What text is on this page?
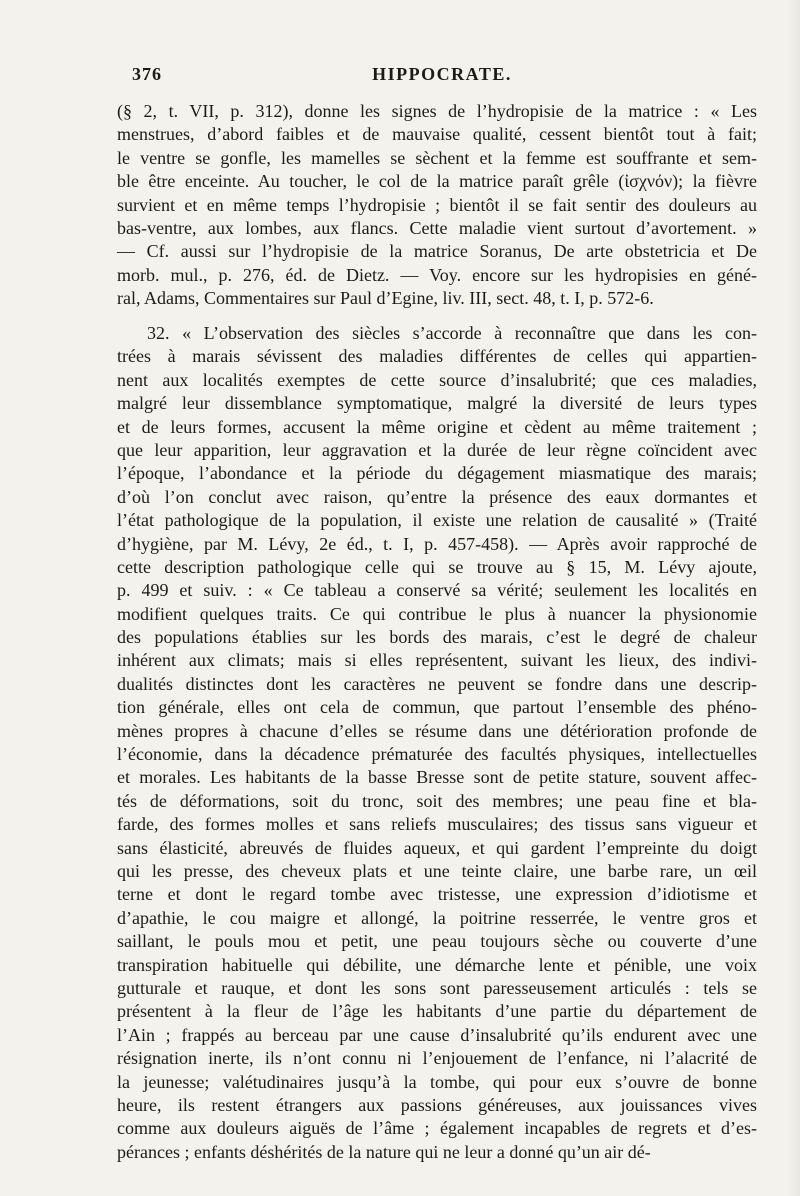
376	HIPPOCRATE.
(§ 2, t. VII, p. 312), donne les signes de l’hydropisie de la matrice : « Les
menstrues, d’abord faibles et de mauvaise qualité, cessent bientôt tout à fait;
le ventre se gonfle, les mamelles se sèchent et la femme est souffrante et sem-
ble être enceinte. Au toucher, le col de la matrice paraît grêle (ἰσχνόν); la fièvre
survient et en même temps l’hydropisie ; bientôt il se fait sentir des douleurs au
bas-ventre, aux lombes, aux flancs. Cette maladie vient surtout d’avortement. »
— Cf. aussi sur l’hydropisie de la matrice Soranus, De arte obstetricia et De
morb. mul., p. 276, éd. de Dietz. — Voy. encore sur les hydropisies en géné-
ral, Adams, Commentaires sur Paul d’Egine, liv. III, sect. 48, t. I, p. 572-6.
32. « L’observation des siècles s’accorde à reconnaître que dans les con-
trées à marais sévissent des maladies différentes de celles qui appartien-
nent aux localités exemptes de cette source d’insalubrité; que ces maladies,
malgré leur dissemblance symptomatique, malgré la diversité de leurs types
et de leurs formes, accusent la même origine et cèdent au même traitement ;
que leur apparition, leur aggravation et la durée de leur règne coïncident avec
l’époque, l’abondance et la période du dégagement miasmatique des marais;
d’où l’on conclut avec raison, qu’entre la présence des eaux dormantes et
l’état pathologique de la population, il existe une relation de causalité » (Traité
d’hygiène, par M. Lévy, 2e éd., t. I, p. 457-458). — Après avoir rapproché de
cette description pathologique celle qui se trouve au § 15, M. Lévy ajoute,
p. 499 et suiv. : « Ce tableau a conservé sa vérité; seulement les localités en
modifient quelques traits. Ce qui contribue le plus à nuancer la physionomie
des populations établies sur les bords des marais, c’est le degré de chaleur
inhérent aux climats; mais si elles représentent, suivant les lieux, des indivi-
dualités distinctes dont les caractères ne peuvent se fondre dans une descrip-
tion générale, elles ont cela de commun, que partout l’ensemble des phéno-
mènes propres à chacune d’elles se résume dans une détérioration profonde de
l’économie, dans la décadence prématurée des facultés physiques, intellectuelles
et morales. Les habitants de la basse Bresse sont de petite stature, souvent affec-
tés de déformations, soit du tronc, soit des membres; une peau fine et bla-
farde, des formes molles et sans reliefs musculaires; des tissus sans vigueur et
sans élasticité, abreuvés de fluides aqueux, et qui gardent l’empreinte du doigt
qui les presse, des cheveux plats et une teinte claire, une barbe rare, un œil
terne et dont le regard tombe avec tristesse, une expression d’idiotisme et
d’apathie, le cou maigre et allongé, la poitrine resserrée, le ventre gros et
saillant, le pouls mou et petit, une peau toujours sèche ou couverte d’une
transpiration habituelle qui débilite, une démarche lente et pénible, une voix
gutturale et rauque, et dont les sons sont paresseusement articulés : tels se
présentent à la fleur de l’âge les habitants d’une partie du département de
l’Ain ; frappés au berceau par une cause d’insalubrité qu’ils endurent avec une
résignation inerte, ils n’ont connu ni l’enjouement de l’enfance, ni l’alacrité de
la jeunesse; valétudinaires jusqu’à la tombe, qui pour eux s’ouvre de bonne
heure, ils restent étrangers aux passions généreuses, aux jouissances vives
comme aux douleurs aiguës de l’âme ; également incapables de regrets et d’es-
pérances ; enfants déshérités de la nature qui ne leur a donné qu’un air dé-
